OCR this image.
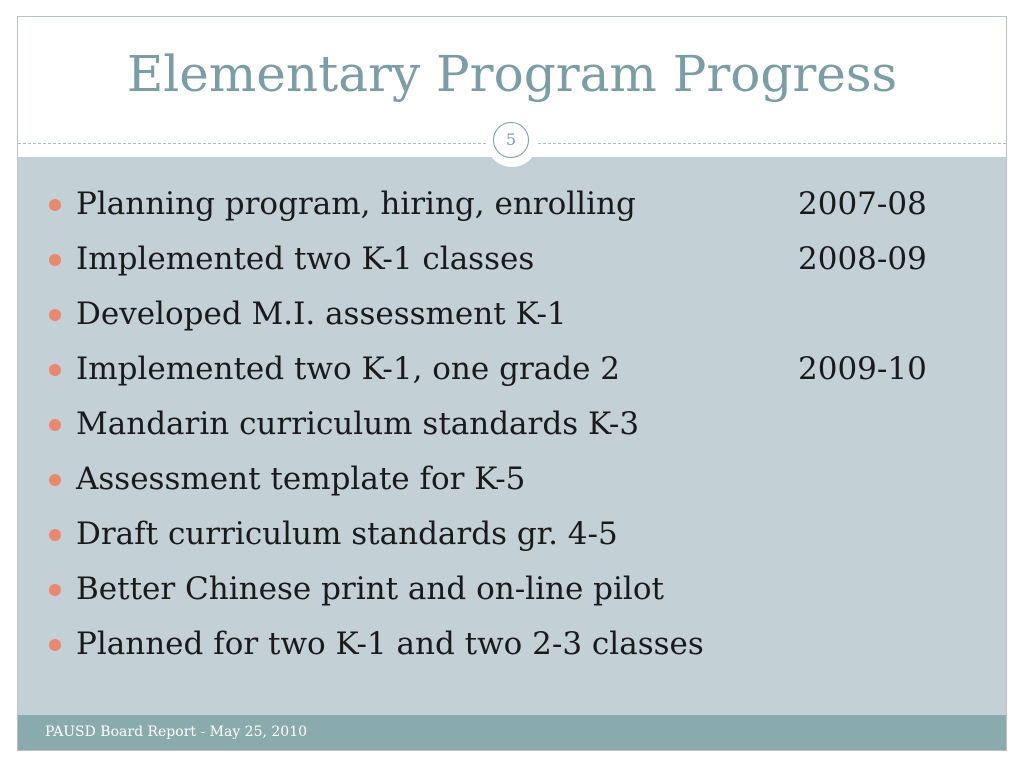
Elementary Program Progress
5
Planning program, hiring, enrolling	2007-08
Implemented two K-1 classes	2008-09
Developed M.I. assessment K-1
Implemented two K-1, one grade 2	2009-10
Mandarin curriculum standards K-3
Assessment template for K-5
Draft curriculum standards gr. 4-5
Better Chinese print and on-line pilot
Planned for two K-1 and two 2-3 classes
PAUSD Board Report - May 25, 2010
